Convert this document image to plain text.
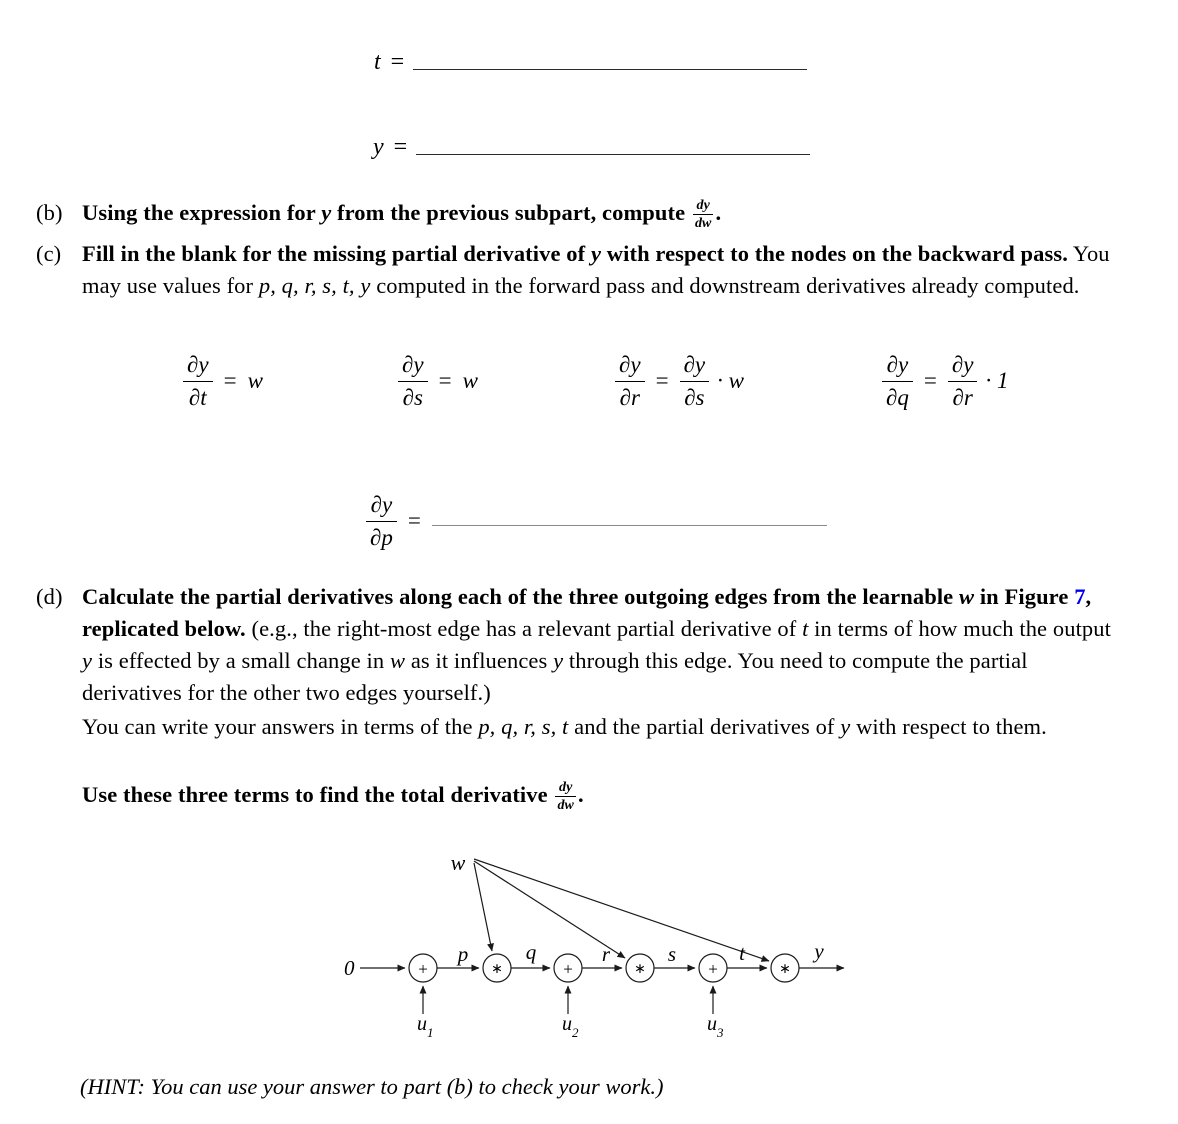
t =
y =
(b) Using the expression for y from the previous subpart, compute $\frac{dy}{dw}$ .
(c) Fill in the blank for the missing partial derivative of y with respect to the nodes on the backward pass. You may use values for p, q, r, s, t, y computed in the forward pass and downstream derivatives already computed.
$\frac{\partial y}{\partial t} = w$	$\frac{\partial y}{\partial s} = w$	$\frac{\partial y}{\partial r} = \frac{\partial y}{\partial s} \cdot w$	$\frac{\partial y}{\partial q} = \frac{\partial y}{\partial r} \cdot 1$
$\frac{\partial y}{\partial p}$ =
(d) Calculate the partial derivatives along each of the three outgoing edges from the learnable w in Figure 7, replicated below. (e.g., the right-most edge has a relevant partial derivative of t in terms of how much the output y is effected by a small change in w as it influences y through this edge. You need to compute the partial derivatives for the other two edges yourself.)
You can write your answers in terms of the p, q, r, s, t and the partial derivatives of y with respect to them.
Use these three terms to find the total derivative $\frac{dy}{dw}$ .
+	∗	+	∗	+	∗
w
0
p	q	r	s	t	y
$u_1$	$u_2$	$u_3$
(HINT: You can use your answer to part (b) to check your work.)
